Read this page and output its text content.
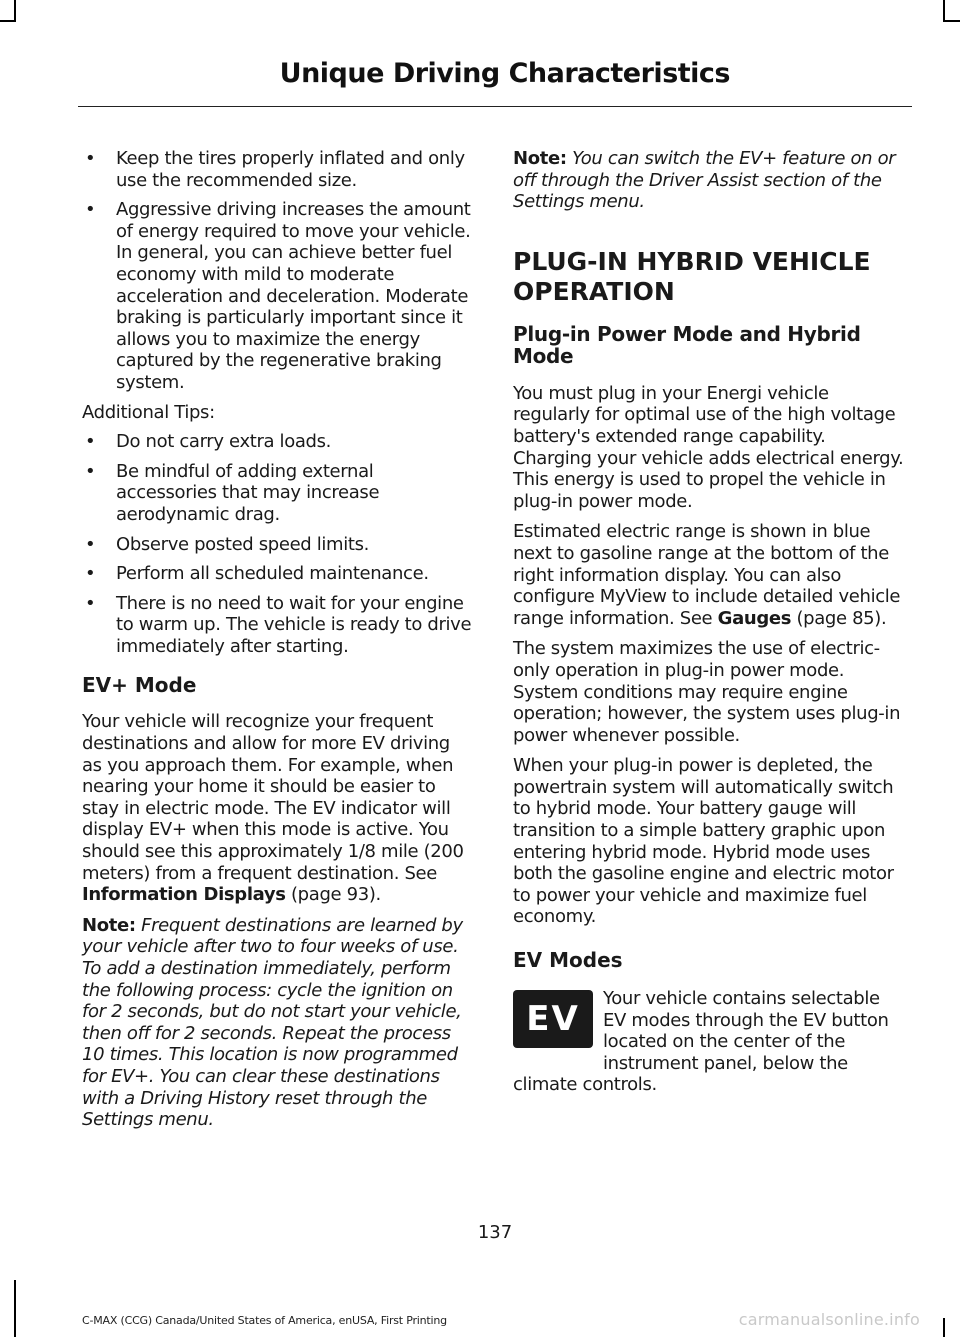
Unique Driving Characteristics
• Keep the tires properly inflated and only use the recommended size.
• Aggressive driving increases the amount of energy required to move your vehicle. In general, you can achieve better fuel economy with mild to moderate acceleration and deceleration. Moderate braking is particularly important since it allows you to maximize the energy captured by the regenerative braking system.

Additional Tips:

• Do not carry extra loads.
• Be mindful of adding external accessories that may increase aerodynamic drag.
• Observe posted speed limits.
• Perform all scheduled maintenance.
• There is no need to wait for your engine to warm up. The vehicle is ready to drive immediately after starting.
EV+ Mode

Your vehicle will recognize your frequent destinations and allow for more EV driving as you approach them. For example, when nearing your home it should be easier to stay in electric mode. The EV indicator will display EV+ when this mode is active. You should see this approximately 1/8 mile (200 meters) from a frequent destination. See Information Displays (page 93).

Note: Frequent destinations are learned by your vehicle after two to four weeks of use. To add a destination immediately, perform the following process: cycle the ignition on for 2 seconds, but do not start your vehicle, then off for 2 seconds. Repeat the process 10 times. This location is now programmed for EV+. You can clear these destinations with a Driving History reset through the Settings menu.

Note: You can switch the EV+ feature on or off through the Driver Assist section of the Settings menu.

PLUG-IN HYBRID VEHICLE OPERATION
Plug-in Power Mode and Hybrid Mode

You must plug in your Energi vehicle regularly for optimal use of the high voltage battery's extended range capability. Charging your vehicle adds electrical energy. This energy is used to propel the vehicle in plug-in power mode.

Estimated electric range is shown in blue next to gasoline range at the bottom of the right information display. You can also configure MyView to include detailed vehicle range information. See Gauges (page 85).

The system maximizes the use of electric-only operation in plug-in power mode. System conditions may require engine operation; however, the system uses plug-in power whenever possible.

When your plug-in power is depleted, the powertrain system will automatically switch to hybrid mode. Your battery gauge will transition to a simple battery graphic upon entering hybrid mode. Hybrid mode uses both the gasoline engine and electric motor to power your vehicle and maximize fuel economy.

EV Modes
EV

Your vehicle contains selectable EV modes through the EV button located on the center of the instrument panel, below the climate controls.

137
C-MAX (CCG) Canada/United States of America, enUSA, First Printing	carmanualsonline.info
